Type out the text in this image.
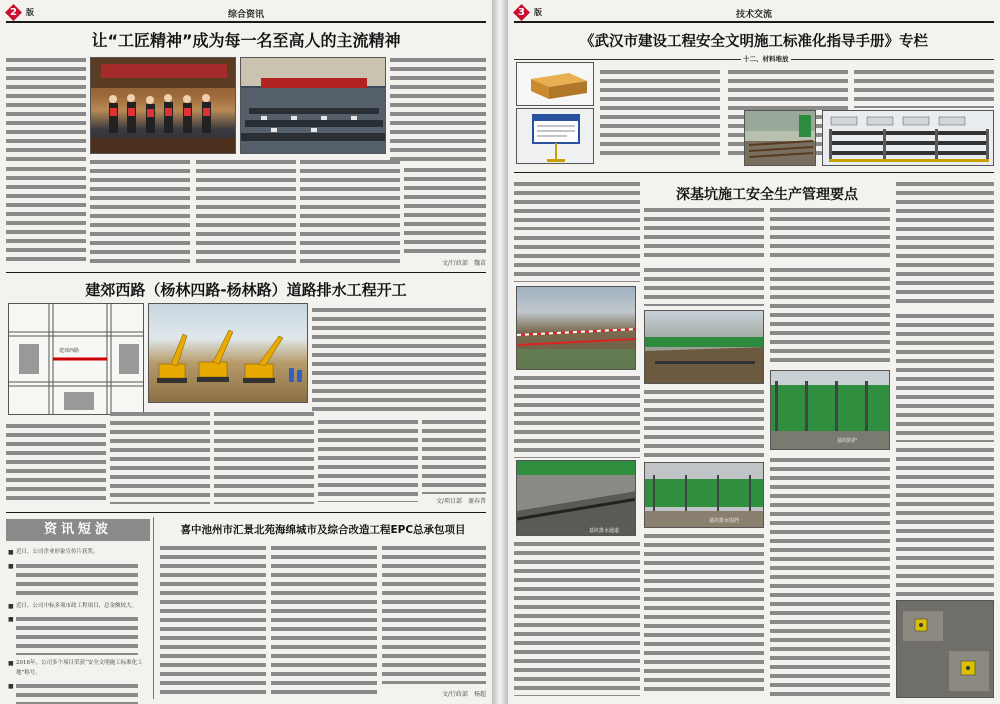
2	版	综合资讯
让“工匠精神”成为每一名至高人的主流精神
文/行政部　魏苗
建郊西路（杨林四路-杨林路）道路排水工程开工
建郊西路
文/项目部　谢春普
资讯短波
■ 近日，公司企业形象宣传片获奖。
■
■ 近日，公司中标多项市政工程项目，总金额较大。
■
■ 2016年，公司多个项目荣获“安全文明施工标准化工地”称号。
■
喜中池州市汇景北苑海绵城市及综合改造工程EPC总承包项目
文/行政部　杨超
3	版	技术交流
《武汉市建设工程安全文明施工标准化指导手册》专栏
十二、材料堆放
深基坑施工安全生产管理要点
基坑防护
基坑排水通道
基坑排水围挡
